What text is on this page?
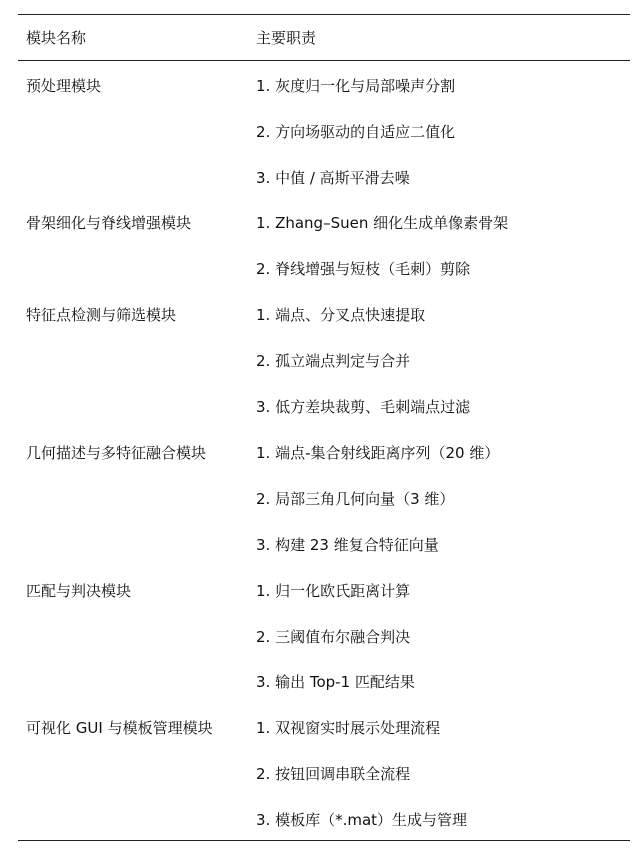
模块名称	主要职责
预处理模块	1. 灰度归一化与局部噪声分割
2. 方向场驱动的自适应二值化
3. 中值 / 高斯平滑去噪
骨架细化与脊线增强模块	1. Zhang–Suen 细化生成单像素骨架
2. 脊线增强与短枝（毛刺）剪除
特征点检测与筛选模块	1. 端点、分叉点快速提取
2. 孤立端点判定与合并
3. 低方差块裁剪、毛刺端点过滤
几何描述与多特征融合模块	1. 端点-集合射线距离序列（20 维）
2. 局部三角几何向量（3 维）
3. 构建 23 维复合特征向量
匹配与判决模块	1. 归一化欧氏距离计算
2. 三阈值布尔融合判决
3. 输出 Top-1 匹配结果
可视化 GUI 与模板管理模块	1. 双视窗实时展示处理流程
2. 按钮回调串联全流程
3. 模板库（*.mat）生成与管理
